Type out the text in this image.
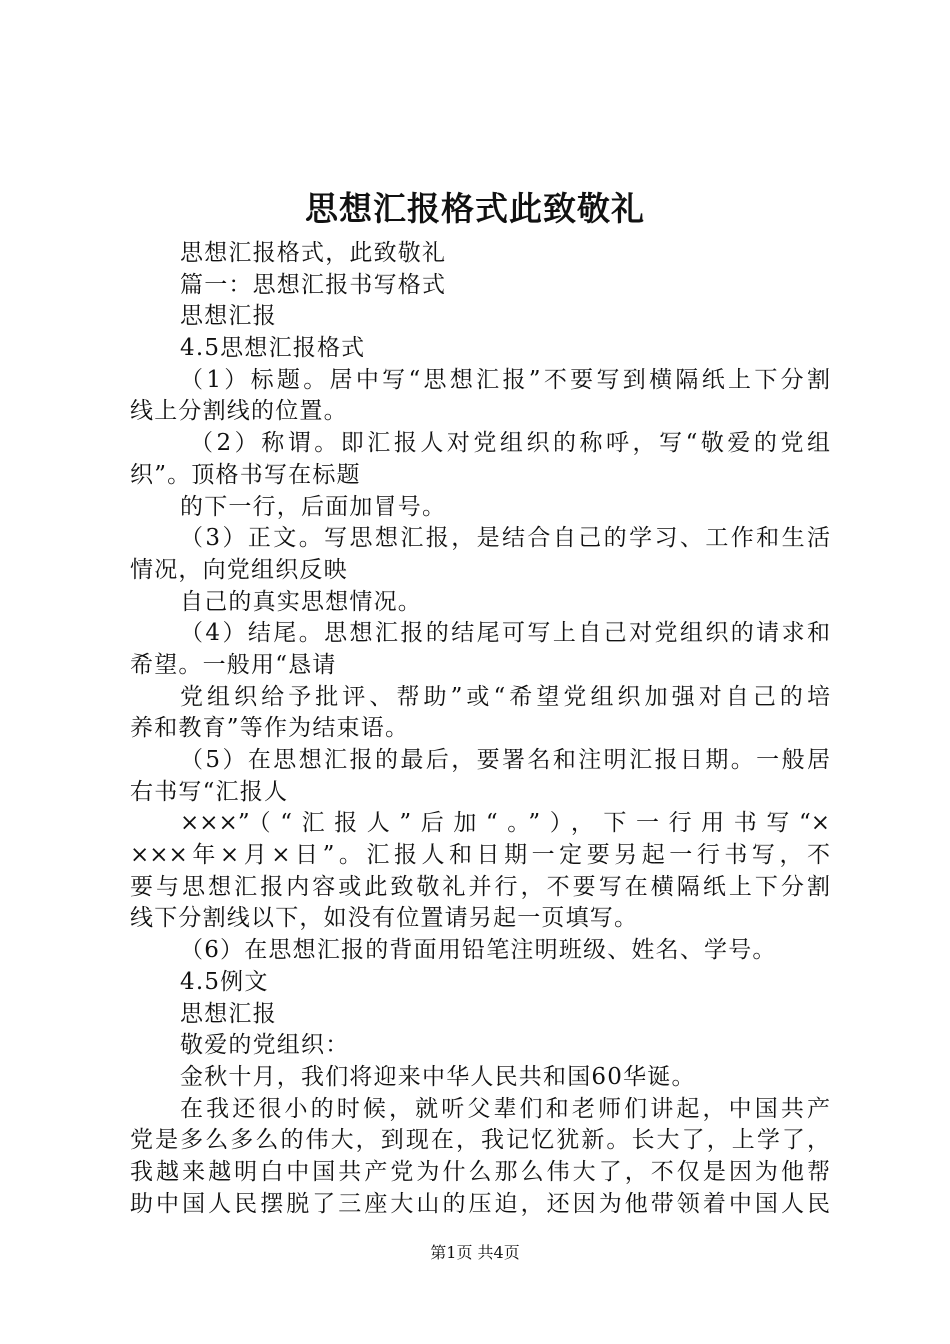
思想汇报格式此致敬礼
思想汇报格式，此致敬礼
篇一：思想汇报书写格式
思想汇报
4.5思想汇报格式
（1）标题。居中写“思想汇报”不要写到横隔纸上下分割
线上分割线的位置。
（2）称谓。即汇报人对党组织的称呼，写“敬爱的党组
织”。顶格书写在标题
的下一行，后面加冒号。
（3）正文。写思想汇报，是结合自己的学习、工作和生活
情况，向党组织反映
自己的真实思想情况。
（4）结尾。思想汇报的结尾可写上自己对党组织的请求和
希望。一般用“恳请
党组织给予批评、帮助”或“希望党组织加强对自己的培
养和教育”等作为结束语。
（5）在思想汇报的最后，要署名和注明汇报日期。一般居
右书写“汇报人
×××”（“汇报人”后加“。”），下一行用书写“×
×××年×月×日”。汇报人和日期一定要另起一行书写，不
要与思想汇报内容或此致敬礼并行，不要写在横隔纸上下分割
线下分割线以下，如没有位置请另起一页填写。
（6）在思想汇报的背面用铅笔注明班级、姓名、学号。
4.5例文
思想汇报
敬爱的党组织：
金秋十月，我们将迎来中华人民共和国60华诞。
在我还很小的时候，就听父辈们和老师们讲起，中国共产
党是多么多么的伟大，到现在，我记忆犹新。长大了，上学了，
我越来越明白中国共产党为什么那么伟大了，不仅是因为他帮
助中国人民摆脱了三座大山的压迫，还因为他带领着中国人民
第1页 共4页
